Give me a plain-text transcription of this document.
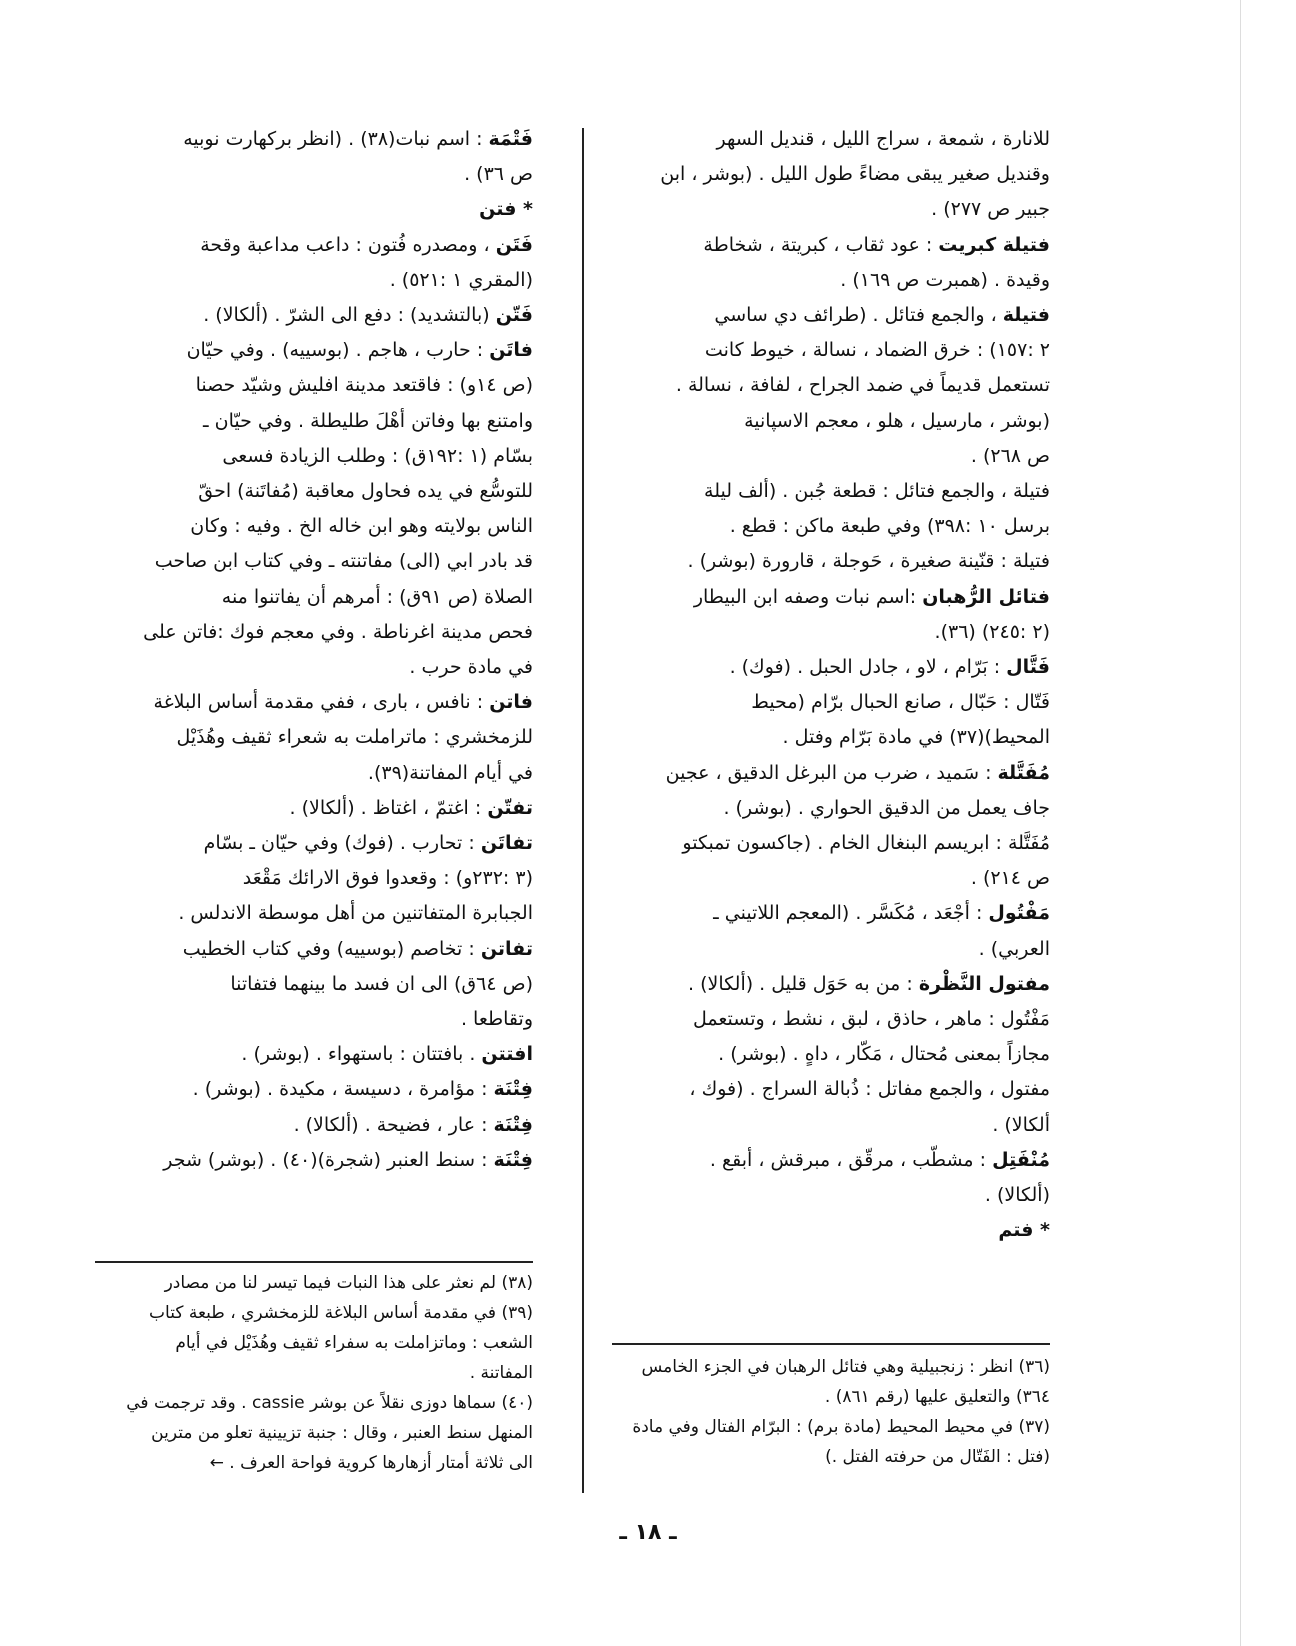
للانارة ، شمعة ، سراج الليل ، قنديل السهر
وقنديل صغير يبقى مضاءً طول الليل . (بوشر ، ابن
جبير ص ٢٧٧) .
فتيلة كبريت : عود ثقاب ، كبريتة ، شخاطة
وقيدة . (همبرت ص ١٦٩) .
فتيلة ، والجمع فتائل . (طرائف دي ساسي
٢ :١٥٧) : خرق الضماد ، نسالة ، خيوط كانت
تستعمل قديماً في ضمد الجراح ، لفافة ، نسالة .
(بوشر ، مارسيل ، هلو ، معجم الاسپانية
ص ٢٦٨) .
فتيلة ، والجمع فتائل : قطعة جُبن . (ألف ليلة
برسل ١٠ :٣٩٨) وفي طبعة ماكن : قطع .
فتيلة : قنّينة صغيرة ، حَوجلة ، قارورة (بوشر) .
فتائل الرُّهبان :اسم نبات وصفه ابن البيطار
(٢ :٢٤٥) (٣٦).
فَتَّال : بَرّام ، لاو ، جادل الحبل . (فوك) .
فَتّال : حَبّال ، صانع الحبال برّام (محيط
المحيط)(٣٧) في مادة بَرّام وفتل .
مُفَتَّلة : سَميد ، ضرب من البرغل الدقيق ، عجين
جاف يعمل من الدقيق الحواري . (بوشر) .
مُفَتَّلة : ابريسم البنغال الخام . (جاكسون تمبكتو
ص ٢١٤) .
مَفْتُول : أجْعَد ، مُكَسَّر . (المعجم اللاتيني ـ
العربي) .
مفتول النَّظْرة : من به حَوَل قليل . (ألكالا) .
مَفْتُول : ماهر ، حاذق ، لبق ، نشط ، وتستعمل
مجازاً بمعنى مُحتال ، مَكّار ، داهٍ . (بوشر) .
مفتول ، والجمع مفاتل : ذُبالة السراج . (فوك ،
ألكالا) .
مُنْفَتِل : مشطّب ، مرقّق ، مبرقش ، أبقع .
(ألكالا) .
* فتم
فَتْمَة : اسم نبات(٣٨) . (انظر بركهارت نوبيه
ص ٣٦) .
* فتن
فَتَن ، ومصدره فُتون : داعب مداعبة وقحة
(المقري ١ :٥٢١) .
فَتّن (بالتشديد) : دفع الى الشرّ . (ألكالا) .
فاتَن : حارب ، هاجم . (بوسييه) . وفي حيّان
(ص ١٤و) : فاقتعد مدينة افليش وشيّد حصنا
وامتنع بها وفاتن أهْلَ طليطلة . وفي حيّان ـ
بسّام (١ :١٩٢ق) : وطلب الزيادة فسعى
للتوسُّع في يده فحاول معاقبة (مُفاتَنة) احقّ
الناس بولايته وهو ابن خاله الخ . وفيه : وكان
قد بادر ابي (الى) مفاتنته ـ وفي كتاب ابن صاحب
الصلاة (ص ٩١ق) : أمرهم أن يفاتنوا منه
فحص مدينة اغرناطة . وفي معجم فوك :فاتن على
في مادة حرب .
فاتن : نافس ، بارى ، ففي مقدمة أساس البلاغة
للزمخشري : ماتراملت به شعراء ثقيف وهُذَيْل
في أيام المفاتنة(٣٩).
تفتّن : اغتمّ ، اغتاظ . (ألكالا) .
تفاتَن : تحارب . (فوك) وفي حيّان ـ بسّام
(٣ :٢٣٢و) : وقعدوا فوق الارائك مَقْعَد
الجبابرة المتفاتنين من أهل موسطة الاندلس .
تفاتن : تخاصم (بوسييه) وفي كتاب الخطيب
(ص ٦٤ق) الى ان فسد ما بينهما فتفاتنا
وتقاطعا .
افتتن . بافتتان : باستهواء . (بوشر) .
فِتْنَة : مؤامرة ، دسيسة ، مكيدة . (بوشر) .
فِتْنَة : عار ، فضيحة . (ألكالا) .
فِتْنَة : سنط العنبر (شجرة)(٤٠) . (بوشر) شجر
(٣٨) لم نعثر على هذا النبات فيما تيسر لنا من مصادر
(٣٩) في مقدمة أساس البلاغة للزمخشري ، طبعة كتاب
الشعب : وماتزاملت به سفراء ثقيف وهُذَيْل في أيام
المفاتنة .
(٤٠) سماها دوزى نقلاً عن بوشر cassie . وقد ترجمت في
المنهل سنط العنبر ، وقال : جنبة تزيينية تعلو من مترين
الى ثلاثة أمتار أزهارها كروية فواحة العرف . ←
(٣٦) انظر : زنجبيلية وهي فتائل الرهبان في الجزء الخامس
٣٦٤) والتعليق عليها (رقم ٨٦١) .
(٣٧) في محيط المحيط (مادة برم) : البرّام الفتال وفي مادة
(فتل : الفَتّال من حرفته الفتل .)
ـ ١٨ ـ
